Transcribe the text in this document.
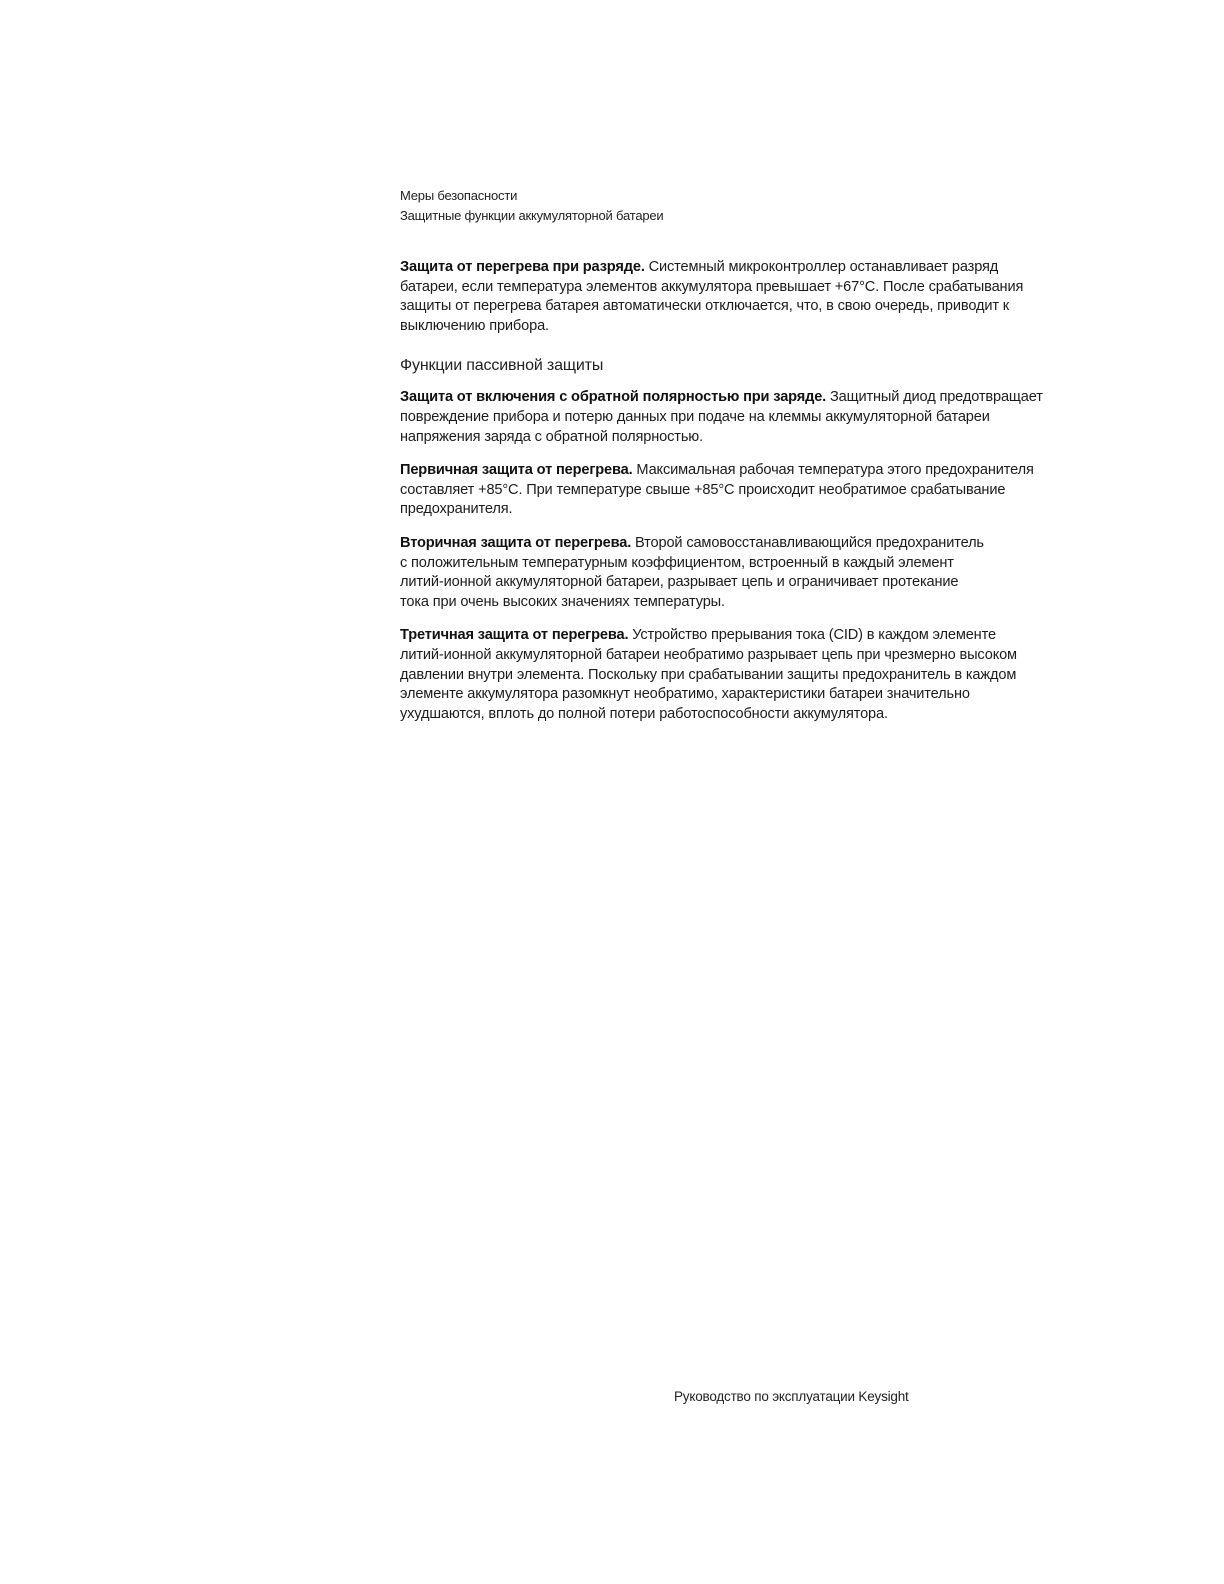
Меры безопасности
Защитные функции аккумуляторной батареи

Защита от перегрева при разряде. Системный микроконтроллер останавливает разряд батареи, если температура элементов аккумулятора превышает +67°C. После срабатывания защиты от перегрева батарея автоматически отключается, что, в свою очередь, приводит к выключению прибора.

Функции пассивной защиты

Защита от включения с обратной полярностью при заряде. Защитный диод предотвращает повреждение прибора и потерю данных при подаче на клеммы аккумуляторной батареи напряжения заряда с обратной полярностью.

Первичная защита от перегрева. Максимальная рабочая температура этого предохранителя составляет +85°C. При температуре свыше +85°C происходит необратимое срабатывание предохранителя.

Вторичная защита от перегрева. Второй самовосстанавливающийся предохранитель с положительным температурным коэффициентом, встроенный в каждый элемент литий-ионной аккумуляторной батареи, разрывает цепь и ограничивает протекание тока при очень высоких значениях температуры.

Третичная защита от перегрева. Устройство прерывания тока (CID) в каждом элементе литий-ионной аккумуляторной батареи необратимо разрывает цепь при чрезмерно высоком давлении внутри элемента. Поскольку при срабатывании защиты предохранитель в каждом элементе аккумулятора разомкнут необратимо, характеристики батареи значительно ухудшаются, вплоть до полной потери работоспособности аккумулятора.

Руководство по эксплуатации Keysight
